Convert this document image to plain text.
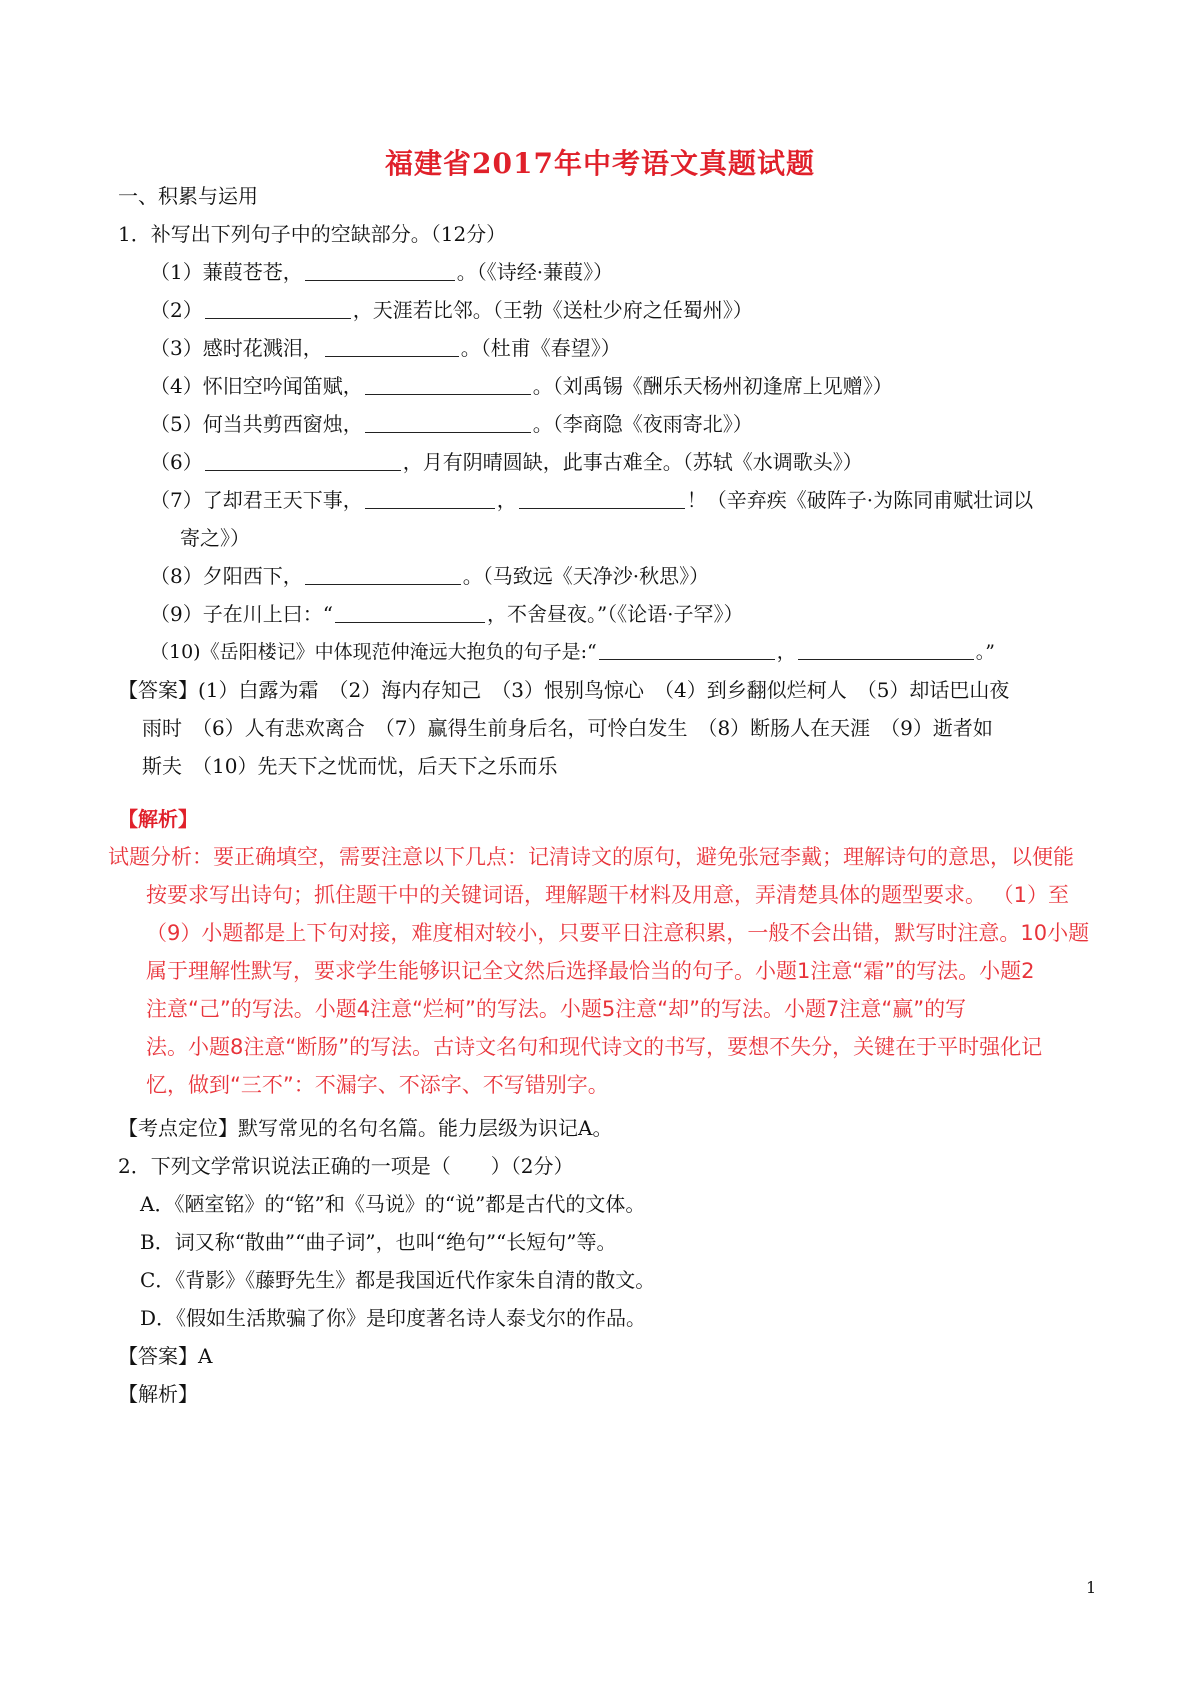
福建省2017年中考语文真题试题
一、积累与运用
1．补写出下列句子中的空缺部分。（12分）
（1）蒹葭苍苍，	。（《诗经·蒹葭》）
（2）	，天涯若比邻。（王勃《送杜少府之任蜀州》）
（3）感时花溅泪，	。（杜甫《春望》）
（4）怀旧空吟闻笛赋，	。（刘禹锡《酬乐天杨州初逢席上见赠》）
（5）何当共剪西窗烛，	。（李商隐《夜雨寄北》）
（6）	，月有阴晴圆缺，此事古难全。（苏轼《水调歌头》）
（7）了却君王天下事，	，	！（辛弃疾《破阵子·为陈同甫赋壮词以
寄之》）
（8）夕阳西下，	。（马致远《天净沙·秋思》）
（9）子在川上曰：“	，不舍昼夜。”（《论语·子罕》）
（10)《岳阳楼记》中体现范仲淹远大抱负的句子是:“	，	。”
【答案】(1）白露为霜　（2）海内存知己　（3）恨别鸟惊心　（4）到乡翻似烂柯人　（5）却话巴山夜
雨时　（6）人有悲欢离合　（7）赢得生前身后名，可怜白发生　（8）断肠人在天涯　（9）逝者如
斯夫　（10）先天下之忧而忧，后天下之乐而乐
【解析】
试题分析：要正确填空，需要注意以下几点：记清诗文的原句，避免张冠李戴；理解诗句的意思，以便能
按要求写出诗句；抓住题干中的关键词语，理解题干材料及用意，弄清楚具体的题型要求。 （1）至
（9）小题都是上下句对接，难度相对较小，只要平日注意积累，一般不会出错，默写时注意。10小题
属于理解性默写，要求学生能够识记全文然后选择最恰当的句子。小题1注意“霜”的写法。小题2
注意“己”的写法。小题4注意“烂柯”的写法。小题5注意“却”的写法。小题7注意“赢”的写
法。小题8注意“断肠”的写法。古诗文名句和现代诗文的书写，要想不失分，关键在于平时强化记
忆，做到“三不”：不漏字、不添字、不写错别字。
【考点定位】默写常见的名句名篇。能力层级为识记A。
2．下列文学常识说法正确的一项是（　　）（2分）
A．《陋室铭》的“铭”和《马说》的“说”都是古代的文体。
B．词又称“散曲”“曲子词”，也叫“绝句”“长短句”等。
C．《背影》《藤野先生》都是我国近代作家朱自清的散文。
D．《假如生活欺骗了你》是印度著名诗人泰戈尔的作品。
【答案】A
【解析】
1
